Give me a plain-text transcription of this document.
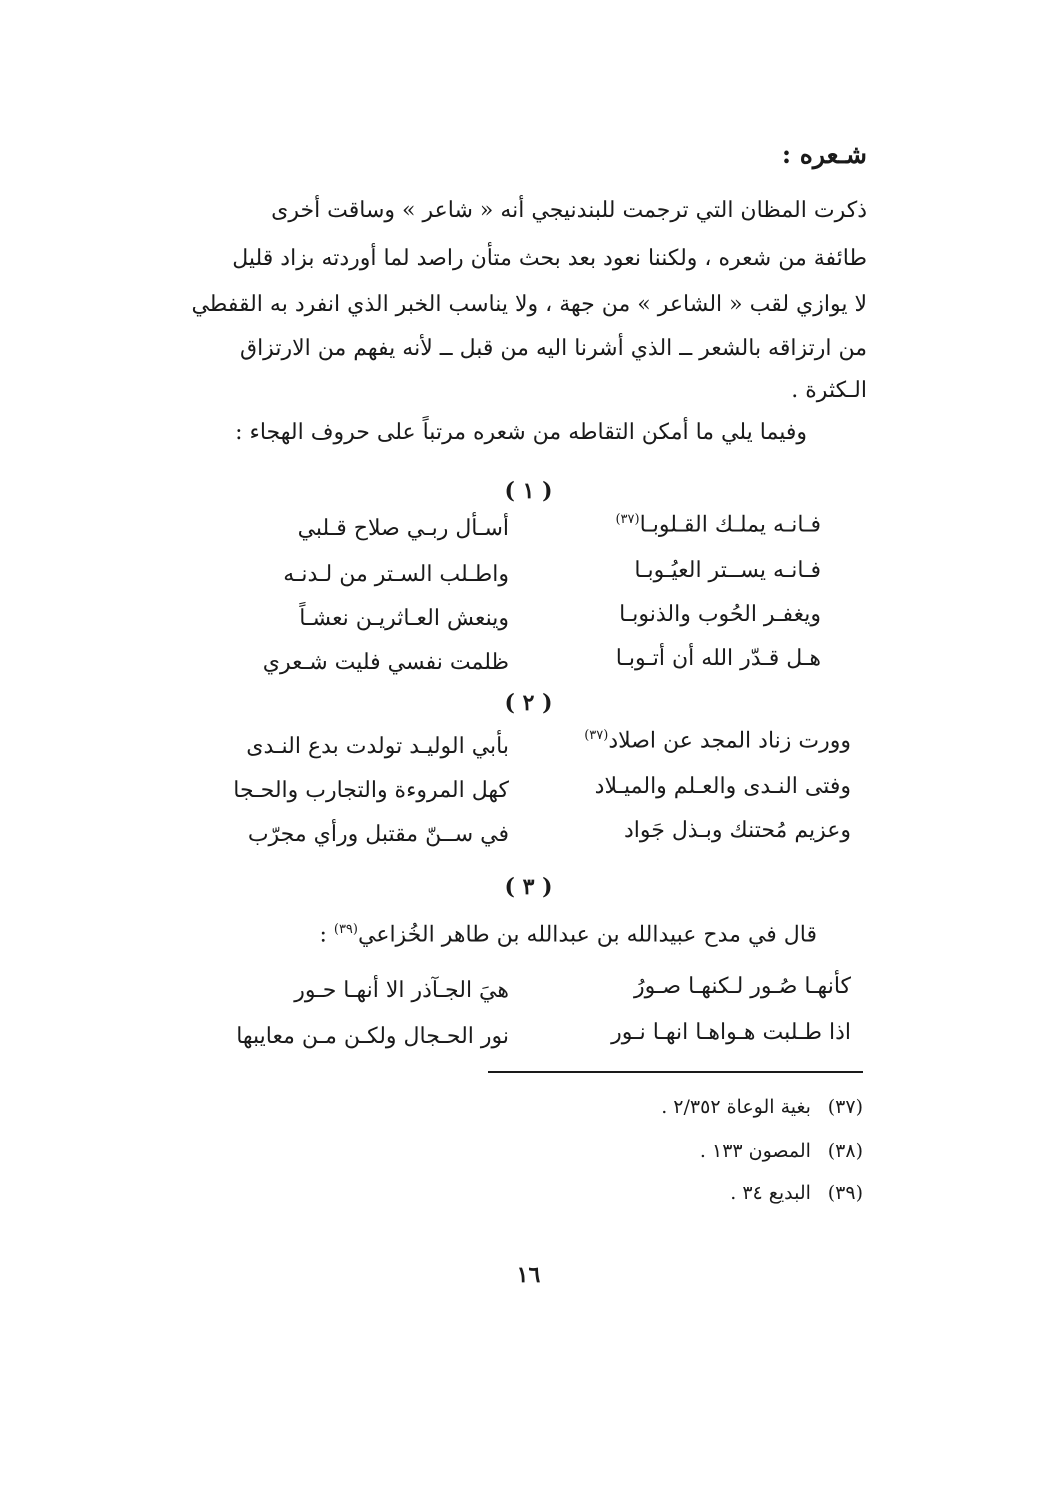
شـعره :
ذكرت المظان التي ترجمت للبندنيجي أنه « شاعر » وساقت أخرى
طائفة من شعره ، ولكننا نعود بعد بحث متأن راصد لما أوردته بزاد قليل
لا يوازي لقب « الشاعر » من جهة ، ولا يناسب الخبر الذي انفرد به القفطي
من ارتزاقه بالشعر ــ الذي أشرنا اليه من قبل ــ لأنه يفهم من الارتزاق
الـكثرة .
وفيما يلي ما أمكن التقاطه من شعره مرتباً على حروف الهجاء :
( ١ )
أسـأل ربـي صلاح قـلبي	فـانـه يملـك القـلوبـا$^{(٣٧)}$
واطـلب السـتر من لـدنـه	فـانـه يســتر العيُـوبـا
وينعش العـاثريـن نعشـاً	ويغفـر الحُوب والذنوبـا
ظلمت نفسي فليت شـعري	هـل قـدّر الله أن أتـوبـا
( ٢ )
بأبي الوليـد تولدت بدع النـدى	وورت زناد المجد عن اصلاد$^{(٣٧)}$
كهل المروءة والتجارب والحـجا	وفتى النـدى والعـلم والميـلاد
في ســنّ مقتبل ورأي مجرّب	وعزيم مُحتنك وبـذل جَواد
( ٣ )
قال في مدح عبيدالله بن عبدالله بن طاهر الخُزاعي$^{(٣٩)}$ :
هيَ الجـآذر الا أنهـا حـور	كأنهـا صُـور لـكنهـا صـورُ
نور الحـجال ولكـن مـن معايبها	اذا طـلبت هـواهـا انهـا نـور
(٣٧) بغية الوعاة ٢/٣٥٢ .
(٣٨) المصون ١٣٣ .
(٣٩) البديع ٣٤ .
١٦
